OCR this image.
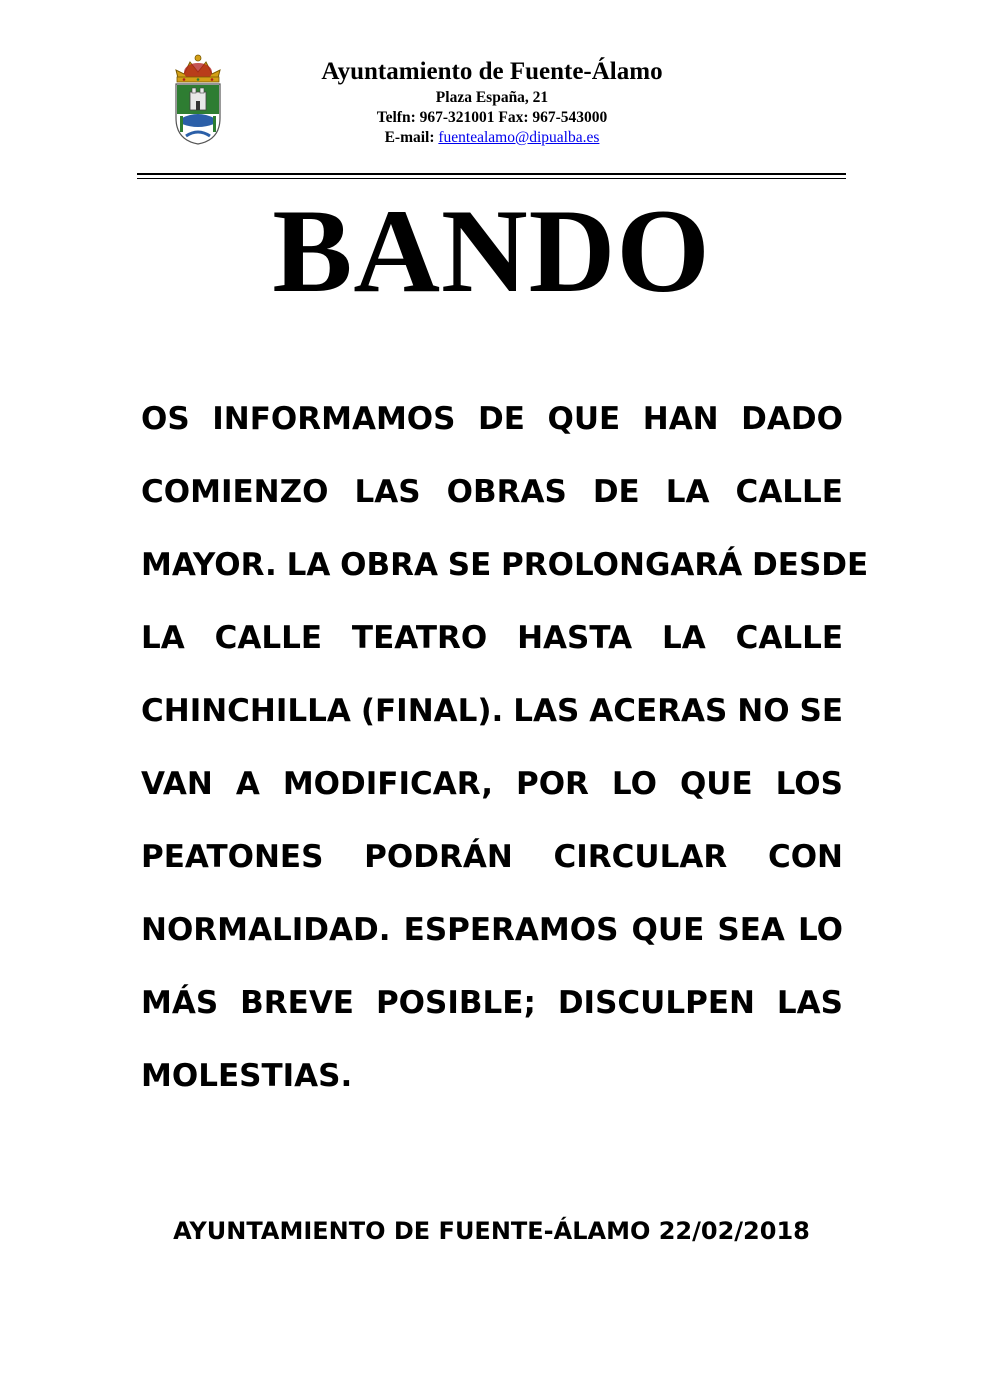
Ayuntamiento de Fuente-Álamo
Plaza España, 21
Telfn: 967-321001 Fax: 967-543000
E-mail: fuentealamo@dipualba.es
BANDO
OS INFORMAMOS DE QUE HAN DADO
COMIENZO LAS OBRAS DE LA CALLE
MAYOR. LA OBRA SE PROLONGARÁ DESDE
LA CALLE TEATRO HASTA LA CALLE
CHINCHILLA (FINAL). LAS ACERAS NO SE
VAN A MODIFICAR, POR LO QUE LOS
PEATONES PODRÁN CIRCULAR CON
NORMALIDAD. ESPERAMOS QUE SEA LO
MÁS BREVE POSIBLE; DISCULPEN LAS
MOLESTIAS.
AYUNTAMIENTO DE FUENTE-ÁLAMO 22/02/2018
